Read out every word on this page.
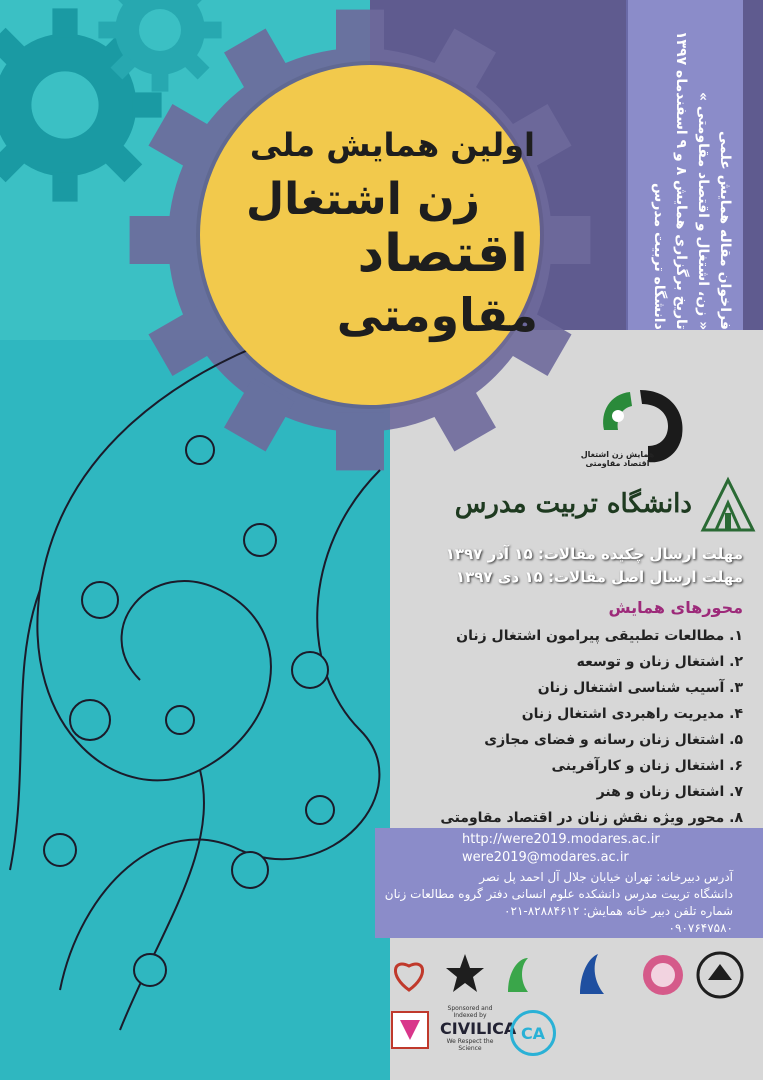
اولین همایش ملی
زن اشتغال
اقتصاد
مقاومتی	فراخوان مقاله همایش علمی
« زن، اشتغال و اقتصاد مقاومتی »
تاریخ برگزاری همایش ۸ و ۹ اسفندماه ۱۳۹۷
دانشگاه تربیت مدرس
همایش زن اشتغال
اقتصاد مقاومتی
دانشگاه تربیت مدرس
مهلت ارسال چکیده مقالات: ۱۵ آذر ۱۳۹۷
مهلت ارسال اصل مقالات: ۱۵ دی ۱۳۹۷
محورهای همایش
۱. مطالعات تطبیقی پیرامون اشتغال زنان
۲. اشتغال زنان و توسعه
۳. آسیب شناسی اشتغال زنان
۴. مدیریت راهبردی اشتغال زنان
۵. اشتغال زنان رسانه و فضای مجازی
۶. اشتغال زنان و کارآفرینی
۷. اشتغال زنان و هنر
۸. محور ویژه نقش زنان در اقتصاد مقاومتی
http://were2019.modares.ac.ir
were2019@modares.ac.ir
آدرس دبیرخانه: تهران خیابان جلال آل احمد پل نصر
دانشگاه تربیت مدرس دانشکده علوم انسانی دفتر گروه مطالعات زنان
شماره تلفن دبیر خانه همایش: ۸۲۸۸۴۶۱۲-۰۲۱
۰۹۰۷۶۴۷۵۸۰
Sponsored and Indexed by
CIVILICA
We Respect the Science
CA
